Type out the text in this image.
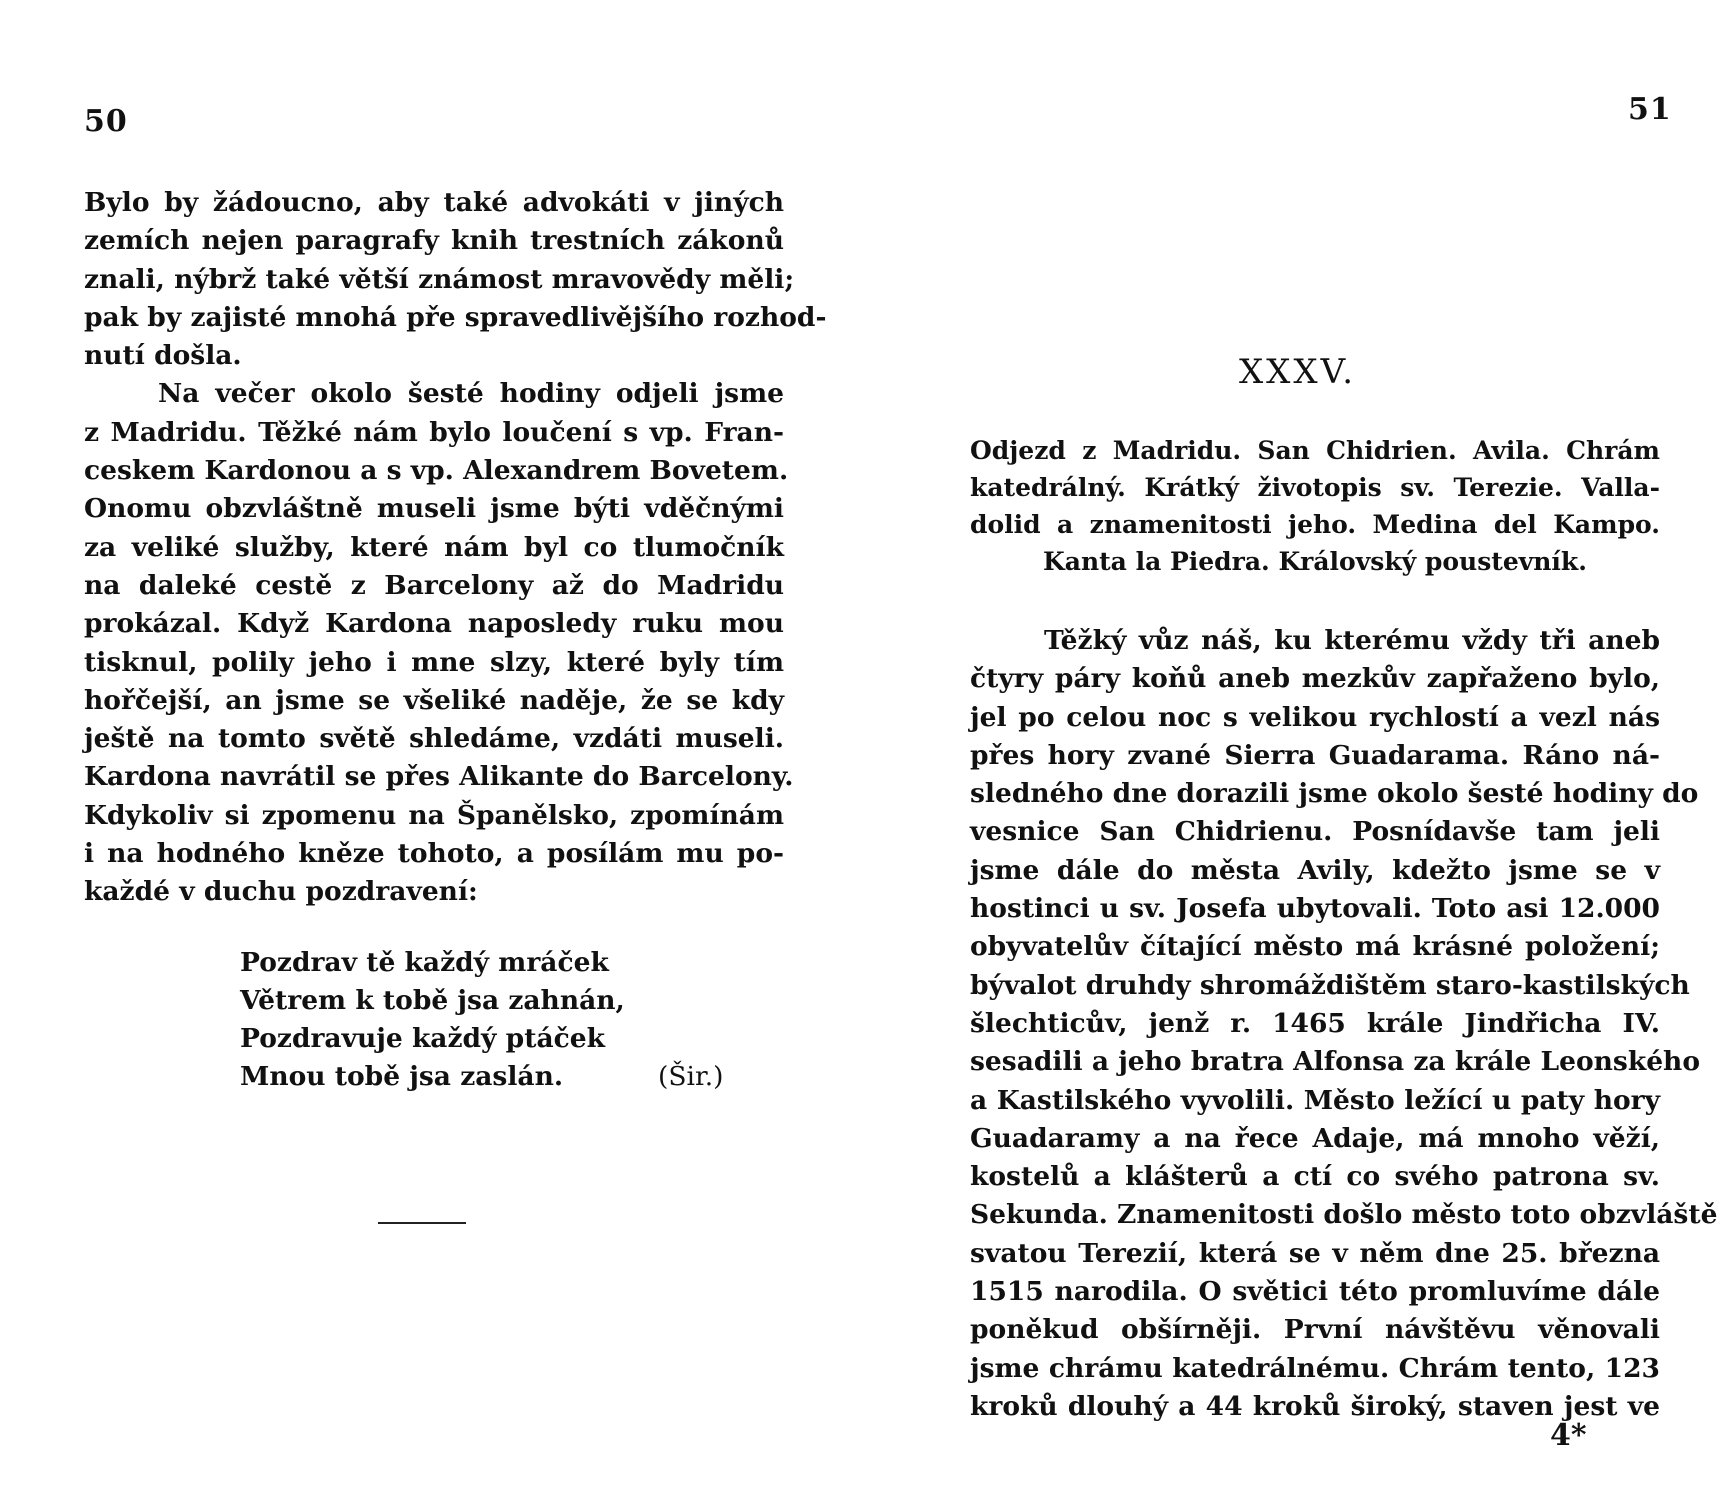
50
Bylo by žádoucno, aby také advokáti v jiných
zemích nejen paragrafy knih trestních zákonů
znali, nýbrž také větší známost mravovědy měli;
pak by zajisté mnohá pře spravedlivějšího rozhod-
nutí došla.
Na večer okolo šesté hodiny odjeli jsme
z Madridu. Těžké nám bylo loučení s vp. Fran-
ceskem Kardonou a s vp. Alexandrem Bovetem.
Onomu obzvláštně museli jsme býti vděčnými
za veliké služby, které nám byl co tlumočník
na daleké cestě z Barcelony až do Madridu
prokázal. Když Kardona naposledy ruku mou
tisknul, polily jeho i mne slzy, které byly tím
hořčejší, an jsme se všeliké naděje, že se kdy
ještě na tomto světě shledáme, vzdáti museli.
Kardona navrátil se přes Alikante do Barcelony.
Kdykoliv si zpomenu na Španělsko, zpomínám
i na hodného kněze tohoto, a posílám mu po-
každé v duchu pozdravení:
Pozdrav tě každý mráček
Větrem k tobě jsa zahnán,
Pozdravuje každý ptáček
Mnou tobě jsa zaslán.	(Šir.)
51
XXXV.
Odjezd z Madridu. San Chidrien. Avila. Chrám
katedrálný. Krátký životopis sv. Terezie. Valla-
dolid a znamenitosti jeho. Medina del Kampo.
Kanta la Piedra. Královský poustevník.
Těžký vůz náš, ku kterému vždy tři aneb
čtyry páry koňů aneb mezkův zapřaženo bylo,
jel po celou noc s velikou rychlostí a vezl nás
přes hory zvané Sierra Guadarama. Ráno ná-
sledného dne dorazili jsme okolo šesté hodiny do
vesnice San Chidrienu. Posnídavše tam jeli
jsme dále do města Avily, kdežto jsme se v
hostinci u sv. Josefa ubytovali. Toto asi 12.000
obyvatelův čítající město má krásné položení;
bývalot druhdy shromáždištěm staro-kastilských
šlechticův, jenž r. 1465 krále Jindřicha IV.
sesadili a jeho bratra Alfonsa za krále Leonského
a Kastilského vyvolili. Město ležící u paty hory
Guadaramy a na řece Adaje, má mnoho věží,
kostelů a klášterů a ctí co svého patrona sv.
Sekunda. Znamenitosti došlo město toto obzvláště
svatou Terezií, která se v něm dne 25. března
1515 narodila. O světici této promluvíme dále
poněkud obšírněji. První návštěvu věnovali
jsme chrámu katedrálnému. Chrám tento, 123
kroků dlouhý a 44 kroků široký, staven jest ve
4*
